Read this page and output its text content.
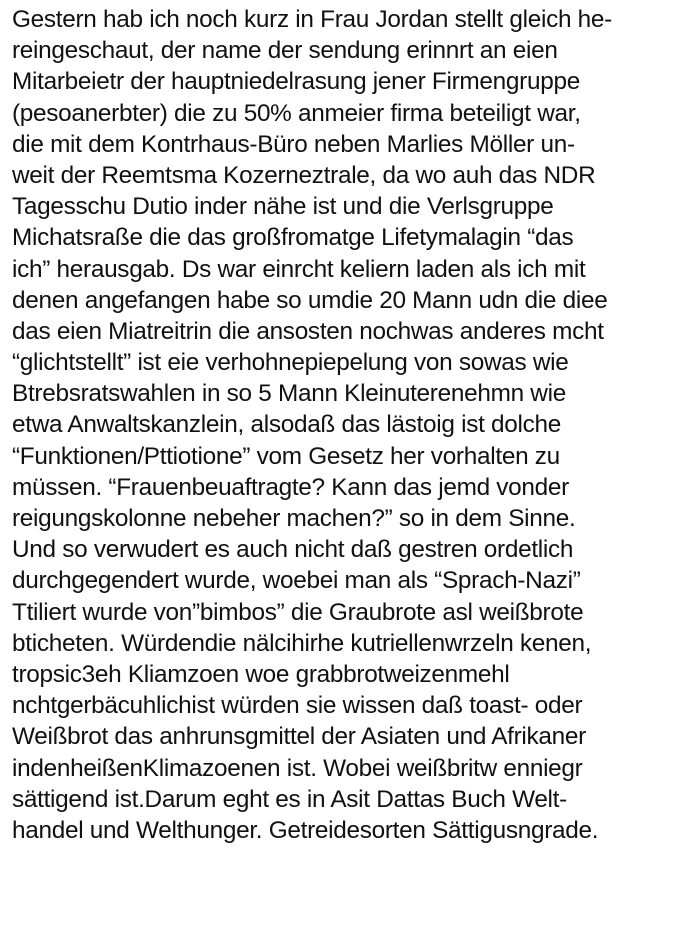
Gestern hab ich noch kurz in Frau Jordan stellt gleich he-
reingeschaut, der name der sendung erinnrt an eien
Mitarbeietr der hauptniedelrasung jener Firmengruppe
(pesoanerbter) die zu 50% anmeier firma beteiligt war,
die mit dem Kontrhaus-Büro neben Marlies Möller un-
weit der Reemtsma Kozerneztrale, da wo auh das NDR
Tagesschu Dutio inder nähe ist und die Verlsgruppe
Michatsraße die das großfromatge Lifetymalagin “das
ich” herausgab. Ds war einrcht keliern laden als ich mit
denen angefangen habe so umdie 20 Mann udn die diee
das eien Miatreitrin die ansosten nochwas anderes mcht
“glichtstellt” ist eie verhohnepiepelung von sowas wie
Btrebsratswahlen in so 5 Mann Kleinuterenehmn wie
etwa Anwaltskanzlein, alsodaß das lästoig ist dolche
“Funktionen/Pttiotione” vom Gesetz her vorhalten zu
müssen. “Frauenbeuaftragte? Kann das jemd vonder
reigungskolonne nebeher machen?” so in dem Sinne.
Und so verwudert es auch nicht daß gestren ordetlich
durchgegendert wurde, woebei man als “Sprach-Nazi”
Ttiliert wurde von”bimbos” die Graubrote asl weißbrote
bticheten. Würdendie nälcihirhe kutriellenwrzeln kenen,
tropsic3eh Kliamzoen woe grabbrotweizenmehl
nchtgerbäcuhlichist würden sie wissen daß toast- oder
Weißbrot das anhrunsgmittel der Asiaten und Afrikaner
indenheißenKlimazoenen ist. Wobei weißbritw enniegr
sättigend ist.Darum eght es in Asit Dattas Buch Welt-
handel und Welthunger. Getreidesorten Sättigusngrade.
